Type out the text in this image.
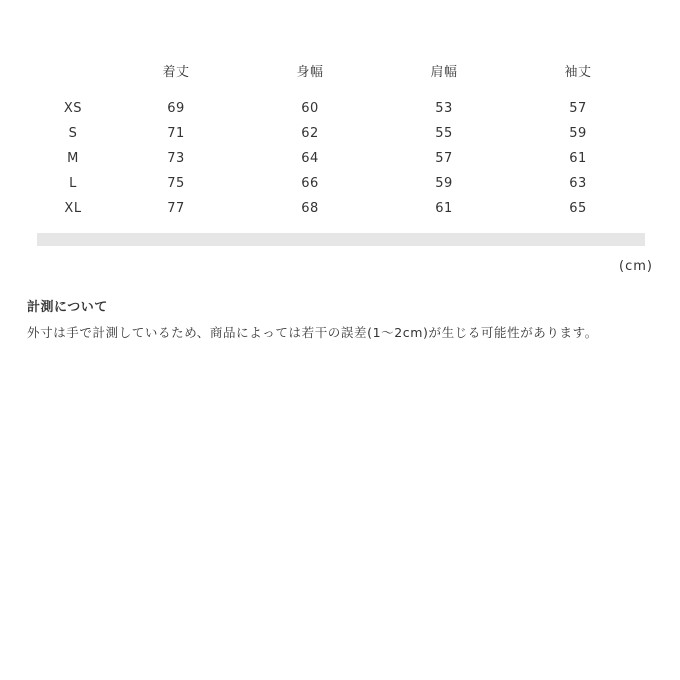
	着丈	身幅	肩幅	袖丈
XS	69	60	53	57
S	71	62	55	59
M	73	64	57	61
L	75	66	59	63
XL	77	68	61	65
(cm)
計測について

外寸は手で計測しているため、商品によっては若干の誤差(1〜2cm)が生じる可能性があります。
